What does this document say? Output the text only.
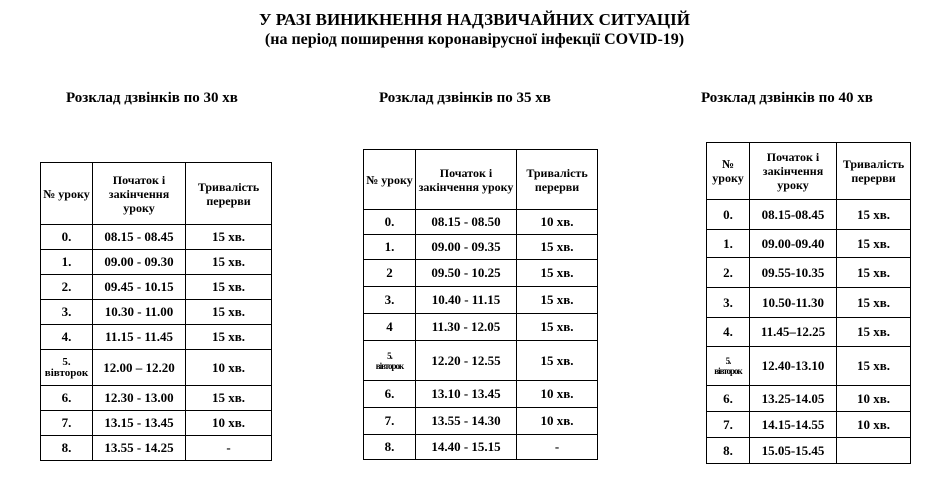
У РАЗІ ВИНИКНЕННЯ НАДЗВИЧАЙНИХ СИТУАЦІЙ
(на період поширення коронавірусної інфекції COVID-19)
Розклад дзвінків по 30 хв
№ уроку	Початок і закінчення уроку	Тривалість перерви
0.	08.15 - 08.45	15 хв.
1.	09.00 - 09.30	15 хв.
2.	09.45 - 10.15	15 хв.
3.	10.30 - 11.00	15 хв.
4.	11.15 - 11.45	15 хв.

5.
вівторок	12.00 – 12.20	10 хв.
6.	12.30 - 13.00	15 хв.
7.	13.15 - 13.45	10 хв.
8.	13.55 - 14.25	-
Розклад дзвінків по 35 хв
№ уроку	Початок і закінчення уроку	Тривалість перерви
0.	08.15 - 08.50	10 хв.
1.	09.00 - 09.35	15 хв.
2	09.50 - 10.25	15 хв.
3.	10.40 - 11.15	15 хв.
4	11.30 - 12.05	15 хв.

5.
вівторок	12.20 - 12.55	15 хв.
6.	13.10 - 13.45	10 хв.
7.	13.55 - 14.30	10 хв.
8.	14.40 - 15.15	-
Розклад дзвінків по 40 хв
№ уроку	Початок і закінчення уроку	Тривалість перерви
0.	08.15-08.45	15 хв.
1.	09.00-09.40	15 хв.
2.	09.55-10.35	15 хв.
3.	10.50-11.30	15 хв.
4.	11.45–12.25	15 хв.

5.
вівторок	12.40-13.10	15 хв.
6.	13.25-14.05	10 хв.
7.	14.15-14.55	10 хв.
8.	15.05-15.45	
